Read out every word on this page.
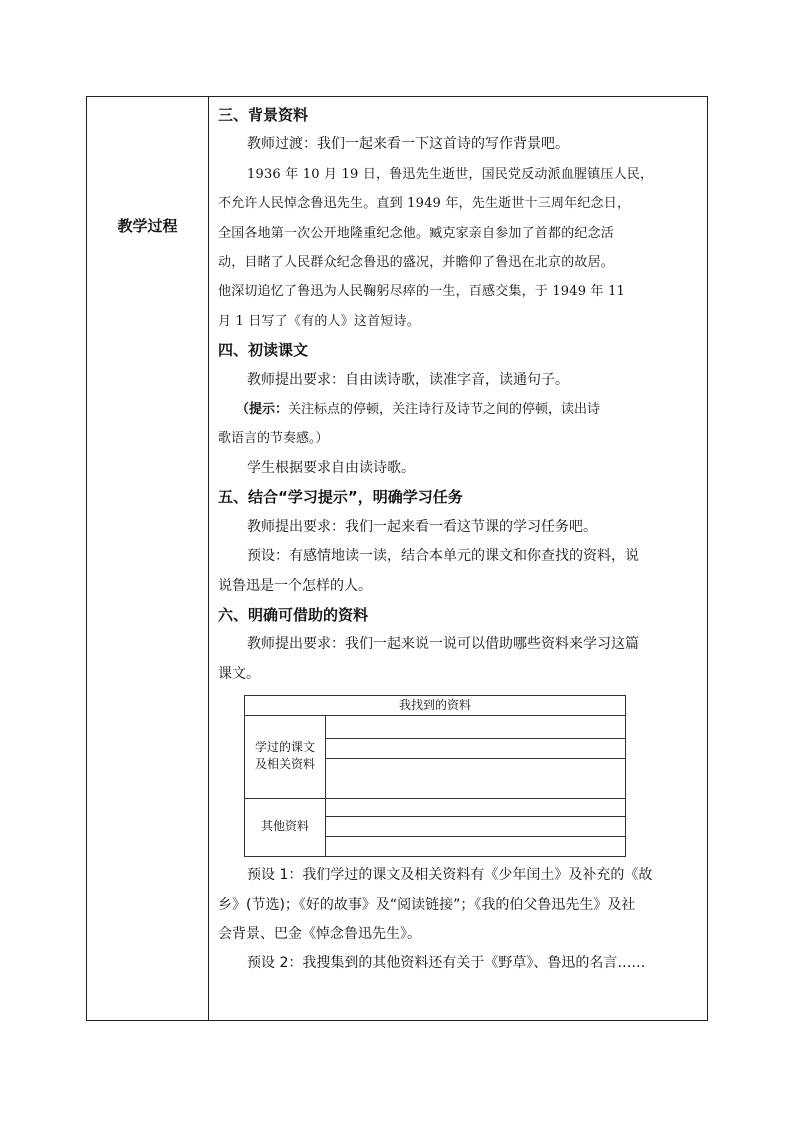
教学过程

三、背景资料

教师过渡：我们一起来看一下这首诗的写作背景吧。

1936 年 10 月 19 日，鲁迅先生逝世，国民党反动派血腥镇压人民，

不允许人民悼念鲁迅先生。直到 1949 年，先生逝世十三周年纪念日，

全国各地第一次公开地隆重纪念他。臧克家亲自参加了首都的纪念活

动，目睹了人民群众纪念鲁迅的盛况，并瞻仰了鲁迅在北京的故居。

他深切追忆了鲁迅为人民鞠躬尽瘁的一生，百感交集，于 1949 年 11

月 1 日写了《有的人》这首短诗。

四、初读课文

教师提出要求：自由读诗歌，读准字音，读通句子。

（提示：关注标点的停顿，关注诗行及诗节之间的停顿，读出诗

歌语言的节奏感。）

学生根据要求自由读诗歌。

五、结合“学习提示”，明确学习任务

教师提出要求：我们一起来看一看这节课的学习任务吧。

预设：有感情地读一读，结合本单元的课文和你查找的资料，说

说鲁迅是一个怎样的人。

六、明确可借助的资料

教师提出要求：我们一起来说一说可以借助哪些资料来学习这篇

课文。

我找到的资料
学过的课文
及相关资料
其他资料

预设 1：我们学过的课文及相关资料有《少年闰土》及补充的《故

乡》(节选)；《好的故事》及“阅读链接”；《我的伯父鲁迅先生》及社

会背景、巴金《悼念鲁迅先生》。

预设 2：我搜集到的其他资料还有关于《野草》、鲁迅的名言……
